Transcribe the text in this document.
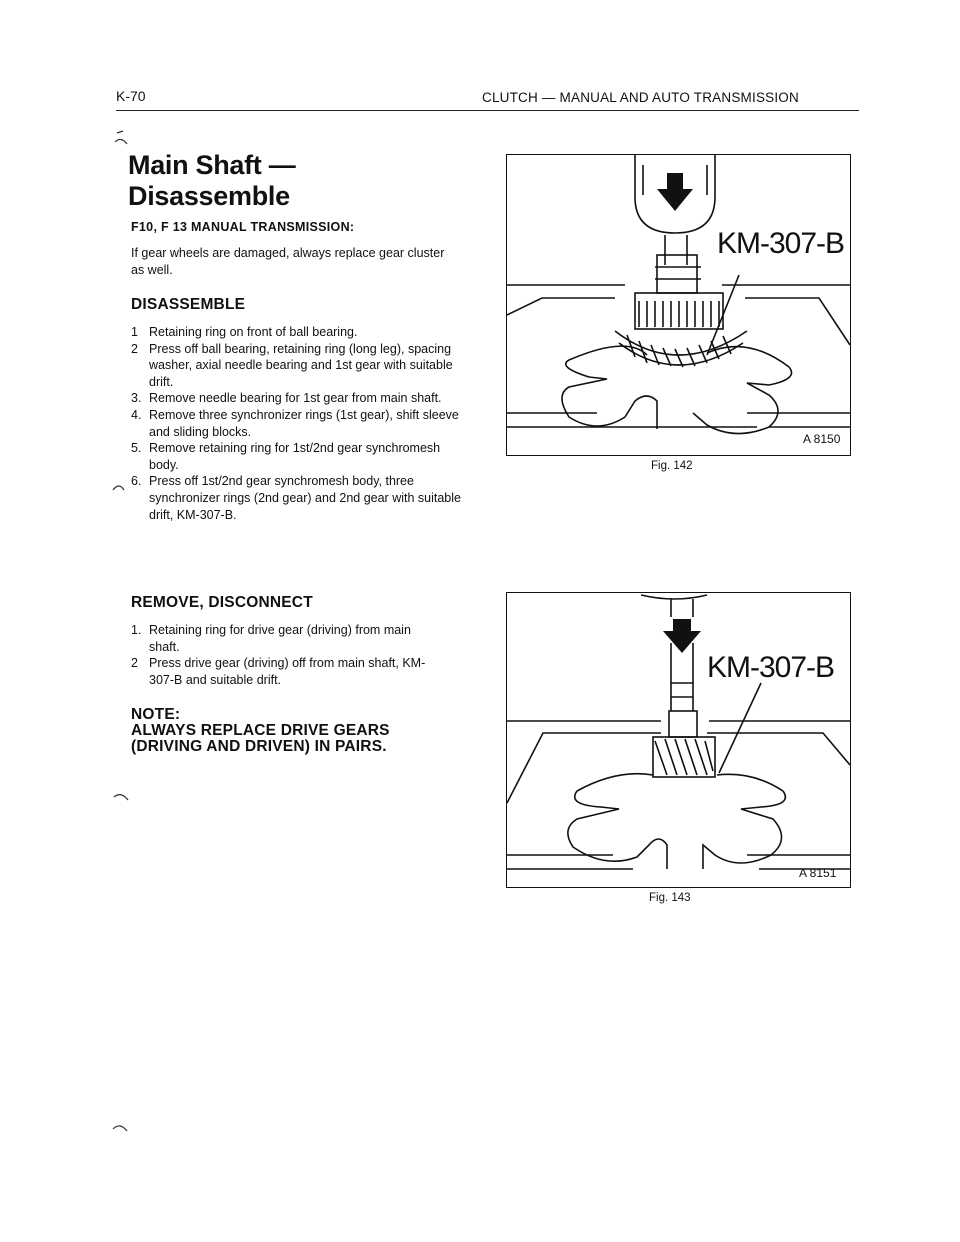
K-70	CLUTCH — MANUAL AND AUTO TRANSMISSION
Main Shaft —
Disassemble
F10, F 13 MANUAL TRANSMISSION:
If gear wheels are damaged, always replace gear cluster as well.
DISASSEMBLE
1 Retaining ring on front of ball bearing.
2 Press off ball bearing, retaining ring (long leg), spacing washer, axial needle bearing and 1st gear with suitable drift.
3. Remove needle bearing for 1st gear from main shaft.
4. Remove three synchronizer rings (1st gear), shift sleeve and sliding blocks.
5. Remove retaining ring for 1st/2nd gear synchromesh body.
6. Press off 1st/2nd gear synchromesh body, three synchronizer rings (2nd gear) and 2nd gear with suitable drift, KM-307-B.
REMOVE, DISCONNECT
1. Retaining ring for drive gear (driving) from main shaft.
2 Press drive gear (driving) off from main shaft, KM-307-B and suitable drift.
NOTE:
ALWAYS REPLACE DRIVE GEARS
(DRIVING AND DRIVEN) IN PAIRS.
KM-307-B
A 8150
Fig. 142
KM-307-B
A 8151
Fig. 143
